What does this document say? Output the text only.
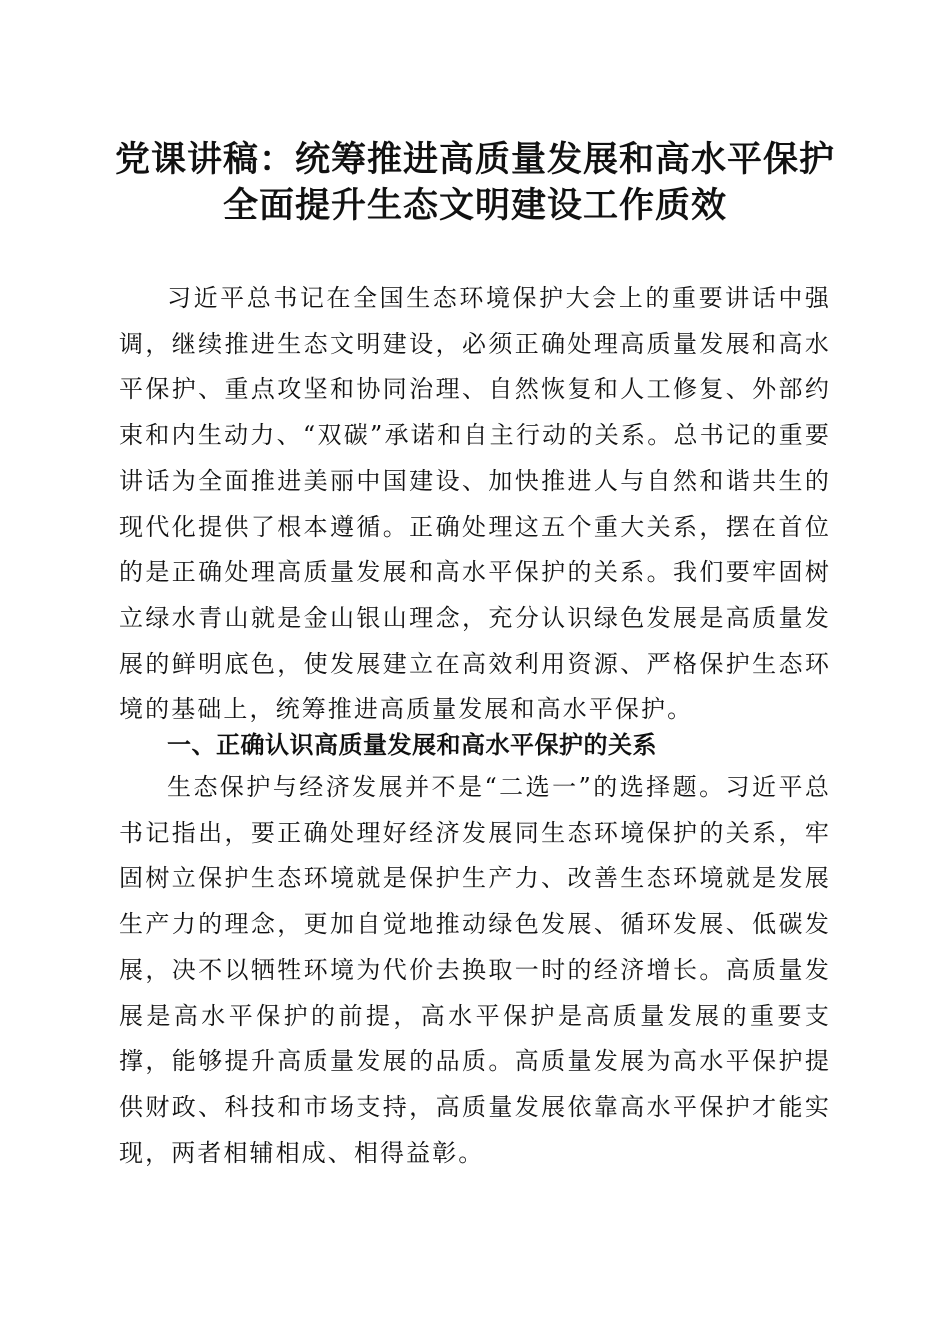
党课讲稿：统筹推进高质量发展和高水平保护
全面提升生态文明建设工作质效

习近平总书记在全国生态环境保护大会上的重要讲话中强调，继续推进生态文明建设，必须正确处理高质量发展和高水平保护、重点攻坚和协同治理、自然恢复和人工修复、外部约束和内生动力、“双碳”承诺和自主行动的关系。总书记的重要讲话为全面推进美丽中国建设、加快推进人与自然和谐共生的现代化提供了根本遵循。正确处理这五个重大关系，摆在首位的是正确处理高质量发展和高水平保护的关系。我们要牢固树立绿水青山就是金山银山理念，充分认识绿色发展是高质量发展的鲜明底色，使发展建立在高效利用资源、严格保护生态环境的基础上，统筹推进高质量发展和高水平保护。

一、正确认识高质量发展和高水平保护的关系

生态保护与经济发展并不是“二选一”的选择题。习近平总书记指出，要正确处理好经济发展同生态环境保护的关系，牢固树立保护生态环境就是保护生产力、改善生态环境就是发展生产力的理念，更加自觉地推动绿色发展、循环发展、低碳发展，决不以牺牲环境为代价去换取一时的经济增长。高质量发展是高水平保护的前提，高水平保护是高质量发展的重要支撑，能够提升高质量发展的品质。高质量发展为高水平保护提供财政、科技和市场支持，高质量发展依靠高水平保护才能实现，两者相辅相成、相得益彰。
